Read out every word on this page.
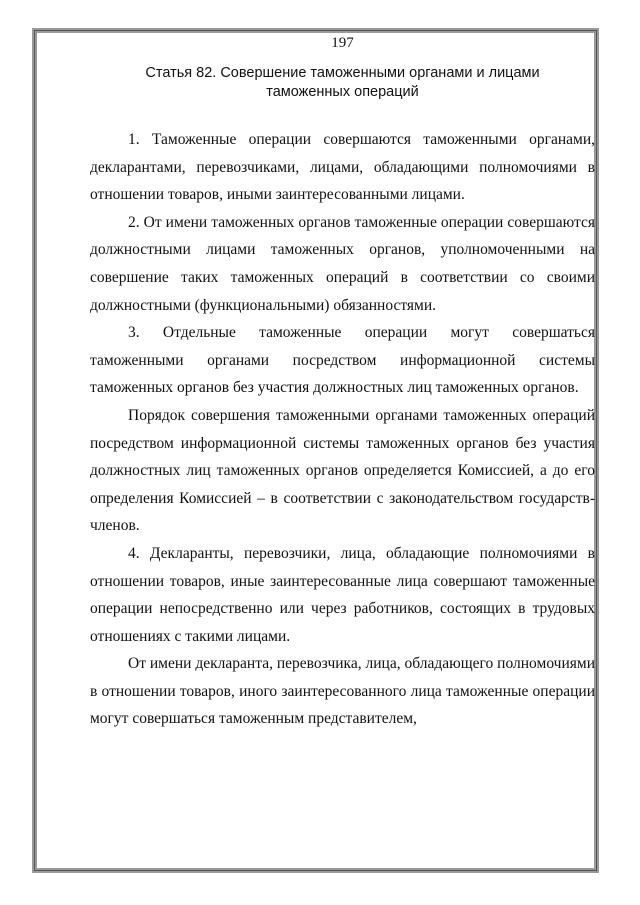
197
Статья 82. Совершение таможенными органами и лицами
таможенных операций

1. Таможенные операции совершаются таможенными органами, декларантами, перевозчиками, лицами, обладающими полномочиями в отношении товаров, иными заинтересованными лицами.

2. От имени таможенных органов таможенные операции совершаются должностными лицами таможенных органов, уполномоченными на совершение таких таможенных операций в соответствии со своими должностными (функциональными) обязанностями.

3. Отдельные таможенные операции могут совершаться таможенными органами посредством информационной системы таможенных органов без участия должностных лиц таможенных органов.

Порядок совершения таможенными органами таможенных операций посредством информационной системы таможенных органов без участия должностных лиц таможенных органов определяется Комиссией, а до его определения Комиссией – в соответствии с законодательством государств-членов.

4. Декларанты, перевозчики, лица, обладающие полномочиями в отношении товаров, иные заинтересованные лица совершают таможенные операции непосредственно или через работников, состоящих в трудовых отношениях с такими лицами.

От имени декларанта, перевозчика, лица, обладающего полномочиями в отношении товаров, иного заинтересованного лица таможенные операции могут совершаться таможенным представителем,
